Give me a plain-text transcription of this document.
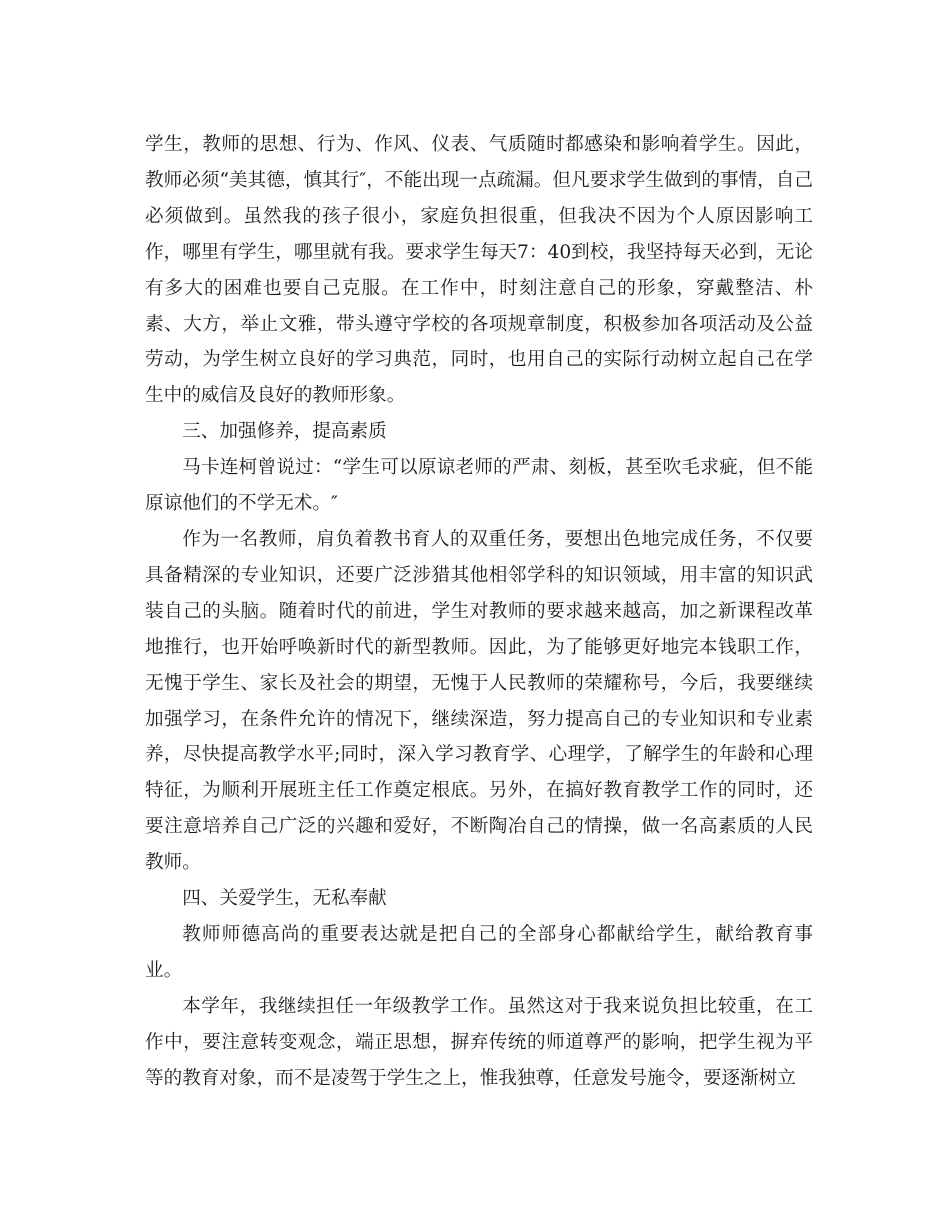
学生，教师的思想、行为、作风、仪表、气质随时都感染和影响着学生。因此，教师必须“美其德，慎其行″，不能出现一点疏漏。但凡要求学生做到的事情，自己必须做到。虽然我的孩子很小，家庭负担很重，但我决不因为个人原因影响工作，哪里有学生，哪里就有我。要求学生每天7：40到校，我坚持每天必到，无论有多大的困难也要自己克服。在工作中，时刻注意自己的形象，穿戴整洁、朴素、大方，举止文雅，带头遵守学校的各项规章制度，积极参加各项活动及公益劳动，为学生树立良好的学习典范，同时，也用自己的实际行动树立起自己在学生中的威信及良好的教师形象。

三、加强修养，提高素质

马卡连柯曾说过：“学生可以原谅老师的严肃、刻板，甚至吹毛求疵，但不能原谅他们的不学无术。″

作为一名教师，肩负着教书育人的双重任务，要想出色地完成任务，不仅要具备精深的专业知识，还要广泛涉猎其他相邻学科的知识领域，用丰富的知识武装自己的头脑。随着时代的前进，学生对教师的要求越来越高，加之新课程改革地推行，也开始呼唤新时代的新型教师。因此，为了能够更好地完本钱职工作，无愧于学生、家长及社会的期望，无愧于人民教师的荣耀称号，今后，我要继续加强学习，在条件允许的情况下，继续深造，努力提高自己的专业知识和专业素养，尽快提高教学水平;同时，深入学习教育学、心理学，了解学生的年龄和心理特征，为顺利开展班主任工作奠定根底。另外，在搞好教育教学工作的同时，还要注意培养自己广泛的兴趣和爱好，不断陶冶自己的情操，做一名高素质的人民教师。

四、关爱学生，无私奉献

教师师德高尚的重要表达就是把自己的全部身心都献给学生，献给教育事业。

本学年，我继续担任一年级教学工作。虽然这对于我来说负担比较重，在工作中，要注意转变观念，端正思想，摒弃传统的师道尊严的影响，把学生视为平等的教育对象，而不是凌驾于学生之上，惟我独尊，任意发号施令，要逐渐树立
